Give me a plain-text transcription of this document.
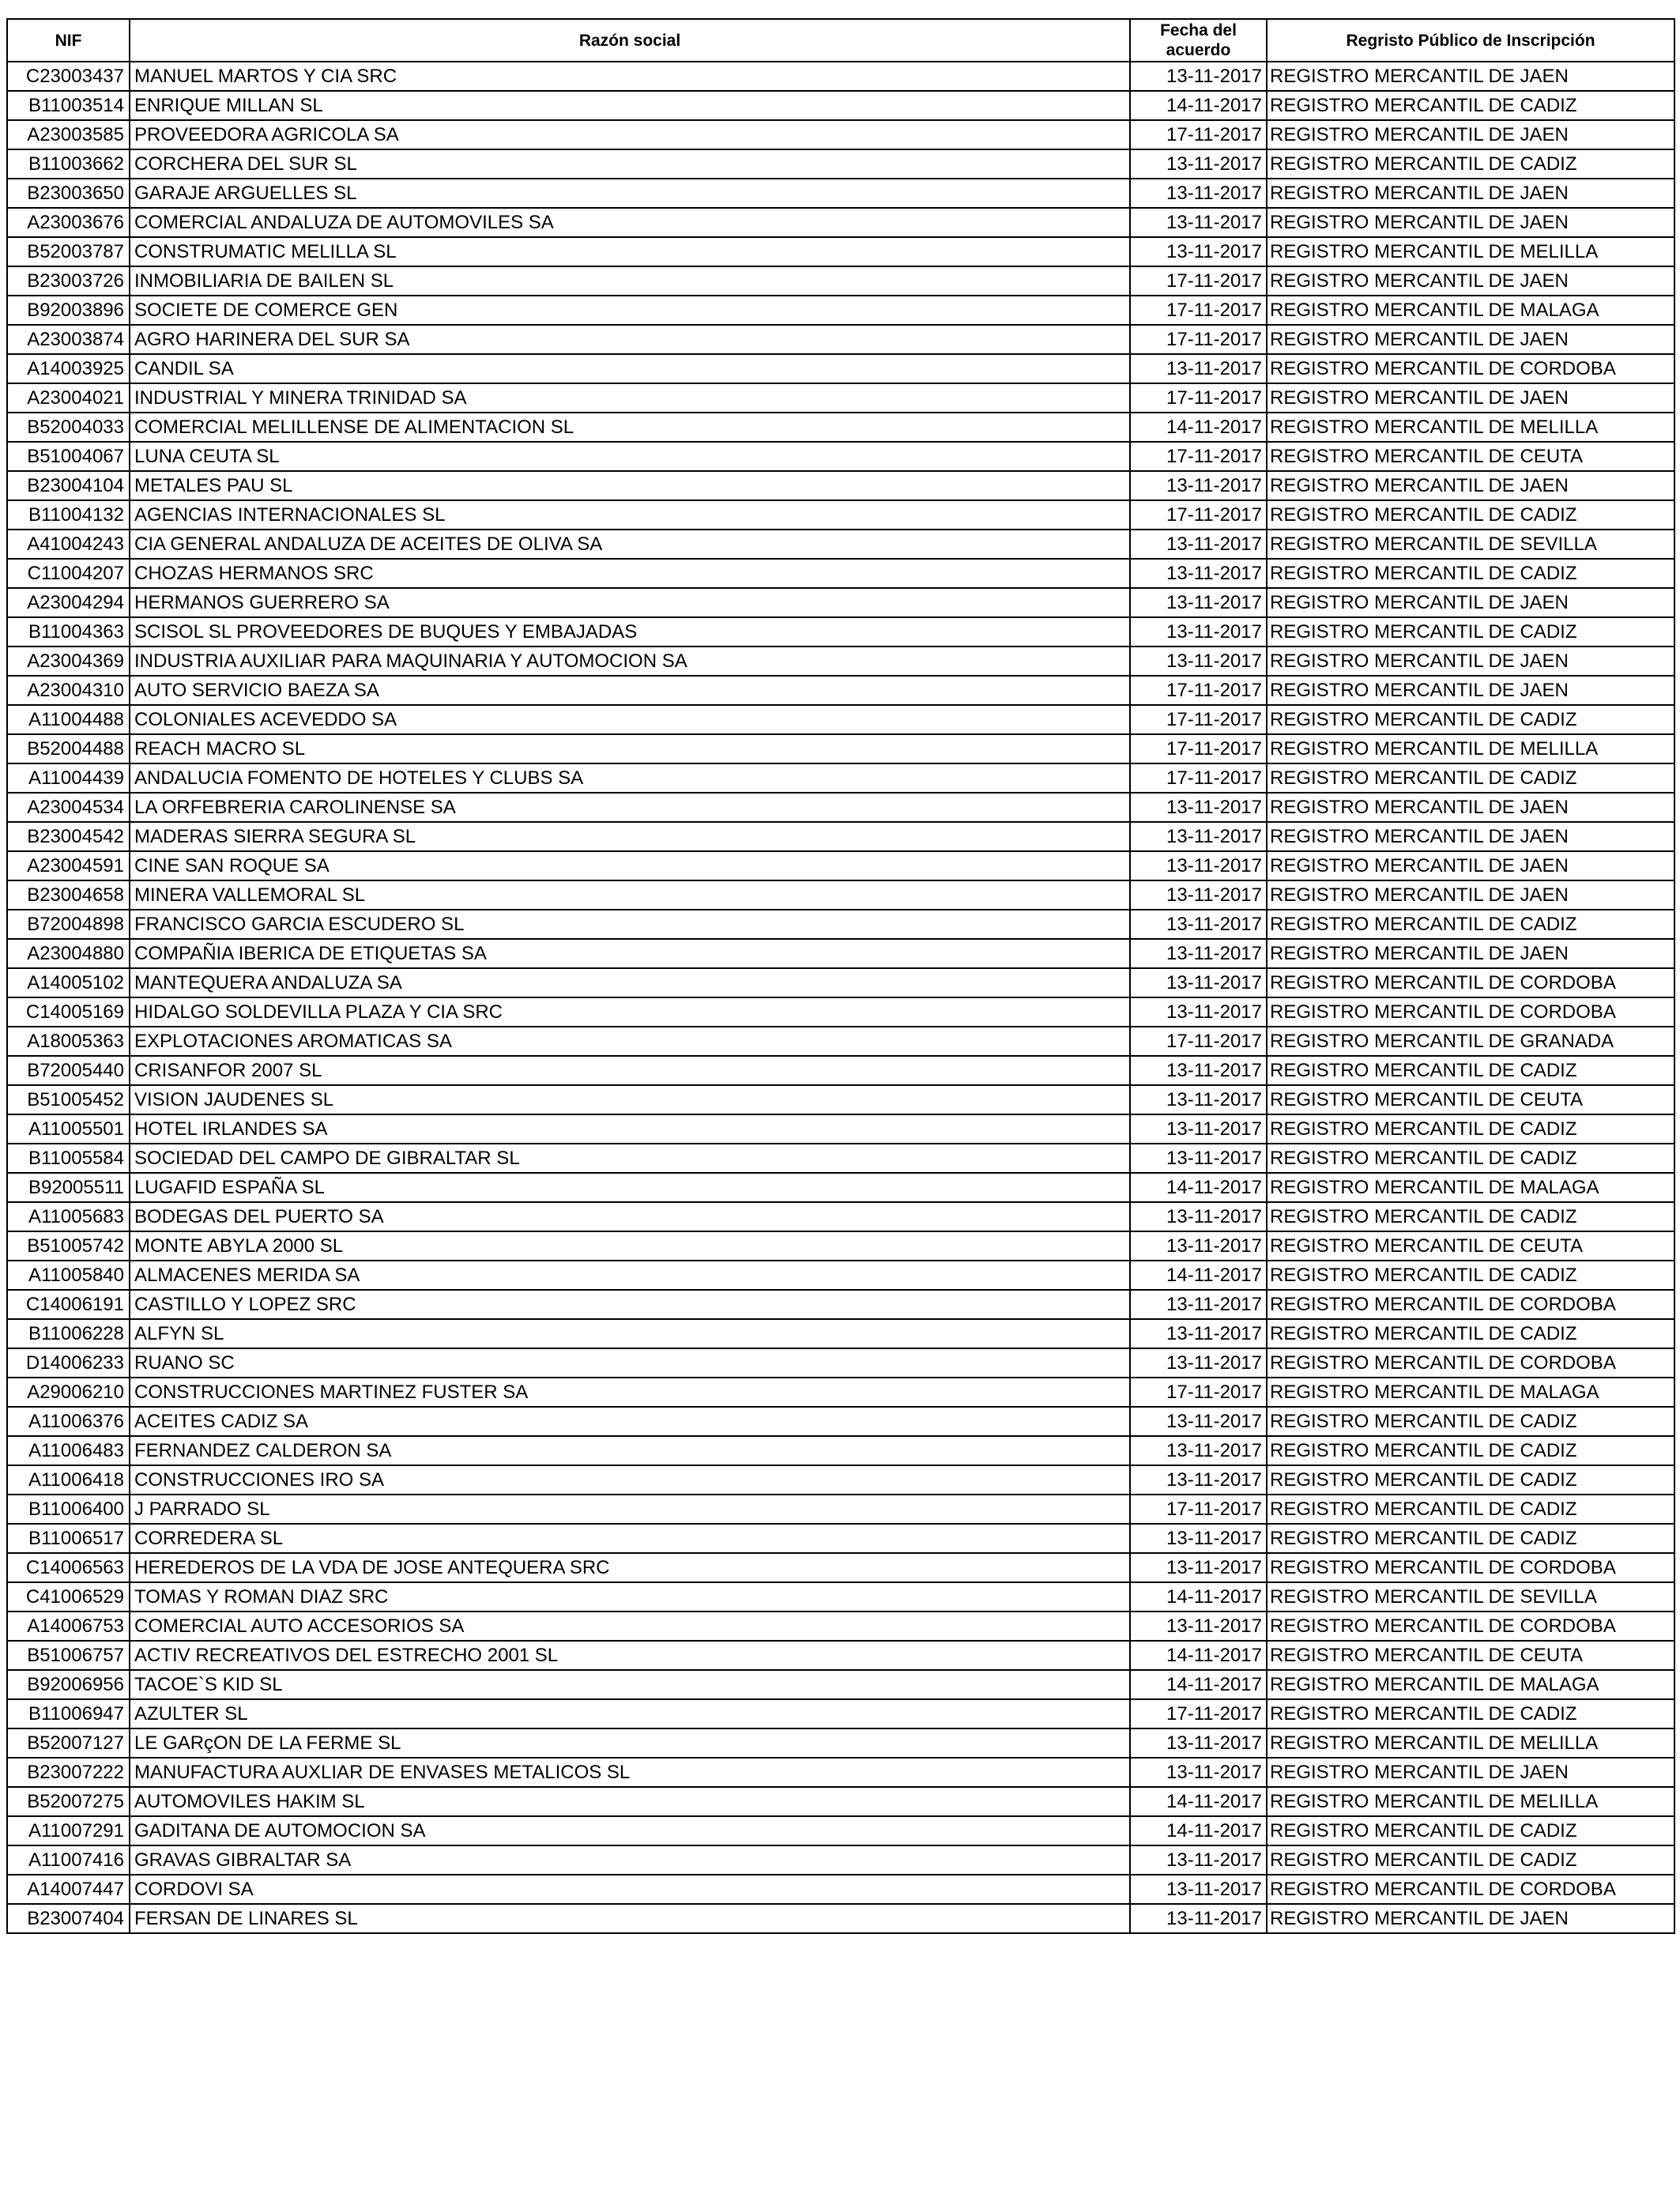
NIF	Razón social	Fecha del acuerdo	Regristo Público de Inscripción
C23003437	MANUEL MARTOS Y CIA SRC	13-11-2017	REGISTRO MERCANTIL DE JAEN
B11003514	ENRIQUE MILLAN SL	14-11-2017	REGISTRO MERCANTIL DE CADIZ
A23003585	PROVEEDORA AGRICOLA SA	17-11-2017	REGISTRO MERCANTIL DE JAEN
B11003662	CORCHERA DEL SUR SL	13-11-2017	REGISTRO MERCANTIL DE CADIZ
B23003650	GARAJE ARGUELLES SL	13-11-2017	REGISTRO MERCANTIL DE JAEN
A23003676	COMERCIAL ANDALUZA DE AUTOMOVILES SA	13-11-2017	REGISTRO MERCANTIL DE JAEN
B52003787	CONSTRUMATIC MELILLA SL	13-11-2017	REGISTRO MERCANTIL DE MELILLA
B23003726	INMOBILIARIA DE BAILEN SL	17-11-2017	REGISTRO MERCANTIL DE JAEN
B92003896	SOCIETE DE COMERCE GEN	17-11-2017	REGISTRO MERCANTIL DE MALAGA
A23003874	AGRO HARINERA DEL SUR SA	17-11-2017	REGISTRO MERCANTIL DE JAEN
A14003925	CANDIL SA	13-11-2017	REGISTRO MERCANTIL DE CORDOBA
A23004021	INDUSTRIAL Y MINERA TRINIDAD SA	17-11-2017	REGISTRO MERCANTIL DE JAEN
B52004033	COMERCIAL MELILLENSE DE ALIMENTACION SL	14-11-2017	REGISTRO MERCANTIL DE MELILLA
B51004067	LUNA CEUTA SL	17-11-2017	REGISTRO MERCANTIL DE CEUTA
B23004104	METALES PAU SL	13-11-2017	REGISTRO MERCANTIL DE JAEN
B11004132	AGENCIAS INTERNACIONALES SL	17-11-2017	REGISTRO MERCANTIL DE CADIZ
A41004243	CIA GENERAL ANDALUZA DE ACEITES DE OLIVA SA	13-11-2017	REGISTRO MERCANTIL DE SEVILLA
C11004207	CHOZAS HERMANOS SRC	13-11-2017	REGISTRO MERCANTIL DE CADIZ
A23004294	HERMANOS GUERRERO SA	13-11-2017	REGISTRO MERCANTIL DE JAEN
B11004363	SCISOL SL PROVEEDORES DE BUQUES Y EMBAJADAS	13-11-2017	REGISTRO MERCANTIL DE CADIZ
A23004369	INDUSTRIA AUXILIAR PARA MAQUINARIA Y AUTOMOCION SA	13-11-2017	REGISTRO MERCANTIL DE JAEN
A23004310	AUTO SERVICIO BAEZA SA	17-11-2017	REGISTRO MERCANTIL DE JAEN
A11004488	COLONIALES ACEVEDDO SA	17-11-2017	REGISTRO MERCANTIL DE CADIZ
B52004488	REACH MACRO SL	17-11-2017	REGISTRO MERCANTIL DE MELILLA
A11004439	ANDALUCIA FOMENTO DE HOTELES Y CLUBS SA	17-11-2017	REGISTRO MERCANTIL DE CADIZ
A23004534	LA ORFEBRERIA CAROLINENSE SA	13-11-2017	REGISTRO MERCANTIL DE JAEN
B23004542	MADERAS SIERRA SEGURA SL	13-11-2017	REGISTRO MERCANTIL DE JAEN
A23004591	CINE SAN ROQUE SA	13-11-2017	REGISTRO MERCANTIL DE JAEN
B23004658	MINERA VALLEMORAL SL	13-11-2017	REGISTRO MERCANTIL DE JAEN
B72004898	FRANCISCO GARCIA ESCUDERO SL	13-11-2017	REGISTRO MERCANTIL DE CADIZ
A23004880	COMPAÑIA IBERICA DE ETIQUETAS SA	13-11-2017	REGISTRO MERCANTIL DE JAEN
A14005102	MANTEQUERA ANDALUZA SA	13-11-2017	REGISTRO MERCANTIL DE CORDOBA
C14005169	HIDALGO SOLDEVILLA PLAZA Y CIA SRC	13-11-2017	REGISTRO MERCANTIL DE CORDOBA
A18005363	EXPLOTACIONES AROMATICAS SA	17-11-2017	REGISTRO MERCANTIL DE GRANADA
B72005440	CRISANFOR 2007 SL	13-11-2017	REGISTRO MERCANTIL DE CADIZ
B51005452	VISION JAUDENES SL	13-11-2017	REGISTRO MERCANTIL DE CEUTA
A11005501	HOTEL IRLANDES SA	13-11-2017	REGISTRO MERCANTIL DE CADIZ
B11005584	SOCIEDAD DEL CAMPO DE GIBRALTAR SL	13-11-2017	REGISTRO MERCANTIL DE CADIZ
B92005511	LUGAFID ESPAÑA SL	14-11-2017	REGISTRO MERCANTIL DE MALAGA
A11005683	BODEGAS DEL PUERTO SA	13-11-2017	REGISTRO MERCANTIL DE CADIZ
B51005742	MONTE ABYLA 2000 SL	13-11-2017	REGISTRO MERCANTIL DE CEUTA
A11005840	ALMACENES MERIDA SA	14-11-2017	REGISTRO MERCANTIL DE CADIZ
C14006191	CASTILLO Y LOPEZ SRC	13-11-2017	REGISTRO MERCANTIL DE CORDOBA
B11006228	ALFYN SL	13-11-2017	REGISTRO MERCANTIL DE CADIZ
D14006233	RUANO SC	13-11-2017	REGISTRO MERCANTIL DE CORDOBA
A29006210	CONSTRUCCIONES MARTINEZ FUSTER SA	17-11-2017	REGISTRO MERCANTIL DE MALAGA
A11006376	ACEITES CADIZ SA	13-11-2017	REGISTRO MERCANTIL DE CADIZ
A11006483	FERNANDEZ CALDERON SA	13-11-2017	REGISTRO MERCANTIL DE CADIZ
A11006418	CONSTRUCCIONES IRO SA	13-11-2017	REGISTRO MERCANTIL DE CADIZ
B11006400	J PARRADO SL	17-11-2017	REGISTRO MERCANTIL DE CADIZ
B11006517	CORREDERA SL	13-11-2017	REGISTRO MERCANTIL DE CADIZ
C14006563	HEREDEROS DE LA VDA DE JOSE ANTEQUERA SRC	13-11-2017	REGISTRO MERCANTIL DE CORDOBA
C41006529	TOMAS Y ROMAN DIAZ SRC	14-11-2017	REGISTRO MERCANTIL DE SEVILLA
A14006753	COMERCIAL AUTO ACCESORIOS SA	13-11-2017	REGISTRO MERCANTIL DE CORDOBA
B51006757	ACTIV RECREATIVOS DEL ESTRECHO 2001 SL	14-11-2017	REGISTRO MERCANTIL DE CEUTA
B92006956	TACOE`S KID SL	14-11-2017	REGISTRO MERCANTIL DE MALAGA
B11006947	AZULTER SL	17-11-2017	REGISTRO MERCANTIL DE CADIZ
B52007127	LE GARçON DE LA FERME SL	13-11-2017	REGISTRO MERCANTIL DE MELILLA
B23007222	MANUFACTURA AUXLIAR DE ENVASES METALICOS SL	13-11-2017	REGISTRO MERCANTIL DE JAEN
B52007275	AUTOMOVILES HAKIM SL	14-11-2017	REGISTRO MERCANTIL DE MELILLA
A11007291	GADITANA DE AUTOMOCION SA	14-11-2017	REGISTRO MERCANTIL DE CADIZ
A11007416	GRAVAS GIBRALTAR SA	13-11-2017	REGISTRO MERCANTIL DE CADIZ
A14007447	CORDOVI SA	13-11-2017	REGISTRO MERCANTIL DE CORDOBA
B23007404	FERSAN DE LINARES SL	13-11-2017	REGISTRO MERCANTIL DE JAEN
